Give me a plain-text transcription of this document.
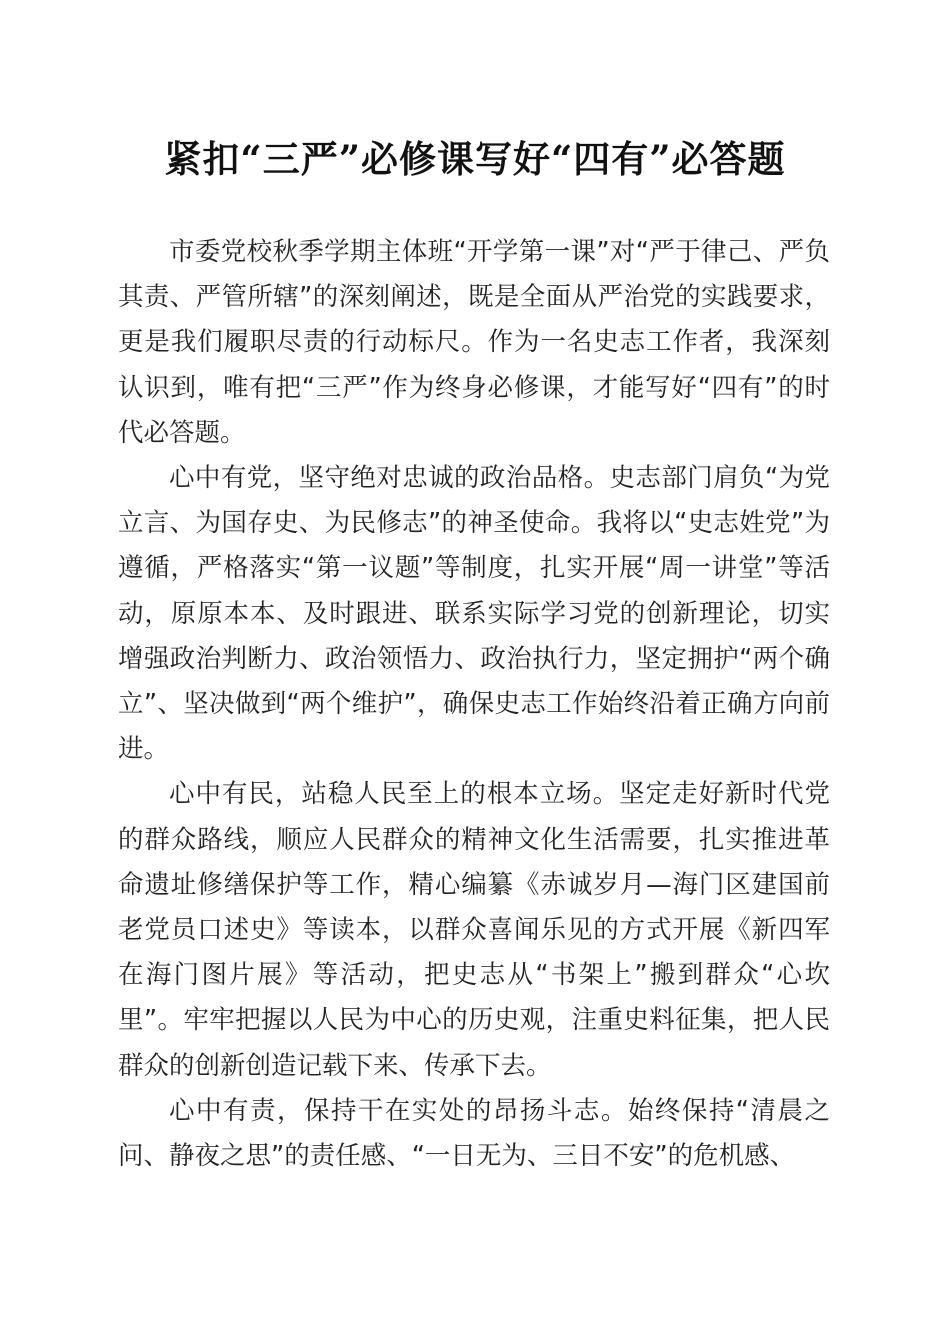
紧扣“三严”必修课写好“四有”必答题

市委党校秋季学期主体班“开学第一课”对“严于律己、严负其责、严管所辖”的深刻阐述，既是全面从严治党的实践要求，更是我们履职尽责的行动标尺。作为一名史志工作者，我深刻认识到，唯有把“三严”作为终身必修课，才能写好“四有”的时代必答题。

心中有党，坚守绝对忠诚的政治品格。史志部门肩负“为党立言、为国存史、为民修志”的神圣使命。我将以“史志姓党”为遵循，严格落实“第一议题”等制度，扎实开展“周一讲堂”等活动，原原本本、及时跟进、联系实际学习党的创新理论，切实增强政治判断力、政治领悟力、政治执行力，坚定拥护“两个确立”、坚决做到“两个维护”，确保史志工作始终沿着正确方向前进。

心中有民，站稳人民至上的根本立场。坚定走好新时代党的群众路线，顺应人民群众的精神文化生活需要，扎实推进革命遗址修缮保护等工作，精心编纂《赤诚岁月—海门区建国前老党员口述史》等读本，以群众喜闻乐见的方式开展《新四军在海门图片展》等活动，把史志从“书架上”搬到群众“心坎里”。牢牢把握以人民为中心的历史观，注重史料征集，把人民群众的创新创造记载下来、传承下去。

心中有责，保持干在实处的昂扬斗志。始终保持“清晨之问、静夜之思”的责任感、“一日无为、三日不安”的危机感、
